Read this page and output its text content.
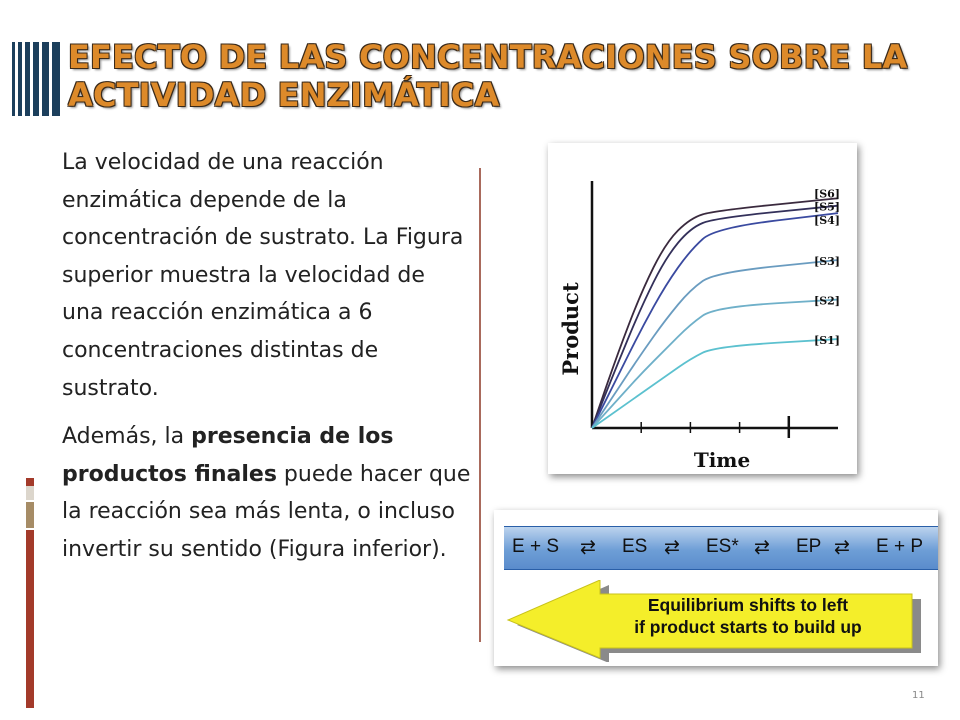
EFECTO DE LAS CONCENTRACIONES SOBRE LA
ACTIVIDAD ENZIMÁTICA

La velocidad de una reacción enzimática depende de la concentración de sustrato. La Figura superior muestra la velocidad de una reacción enzimática a 6 concentraciones distintas de sustrato.

Además, la presencia de los productos finales puede hacer que la reacción sea más lenta, o incluso invertir su sentido (Figura inferior).

[S6]
[S5]
[S4]
[S3]
[S2]
[S1]
Product
Time
E + S ⇄ ES ⇄ ES* ⇄ EP ⇄ E + P
Equilibrium shifts to left
if product starts to build up
11
